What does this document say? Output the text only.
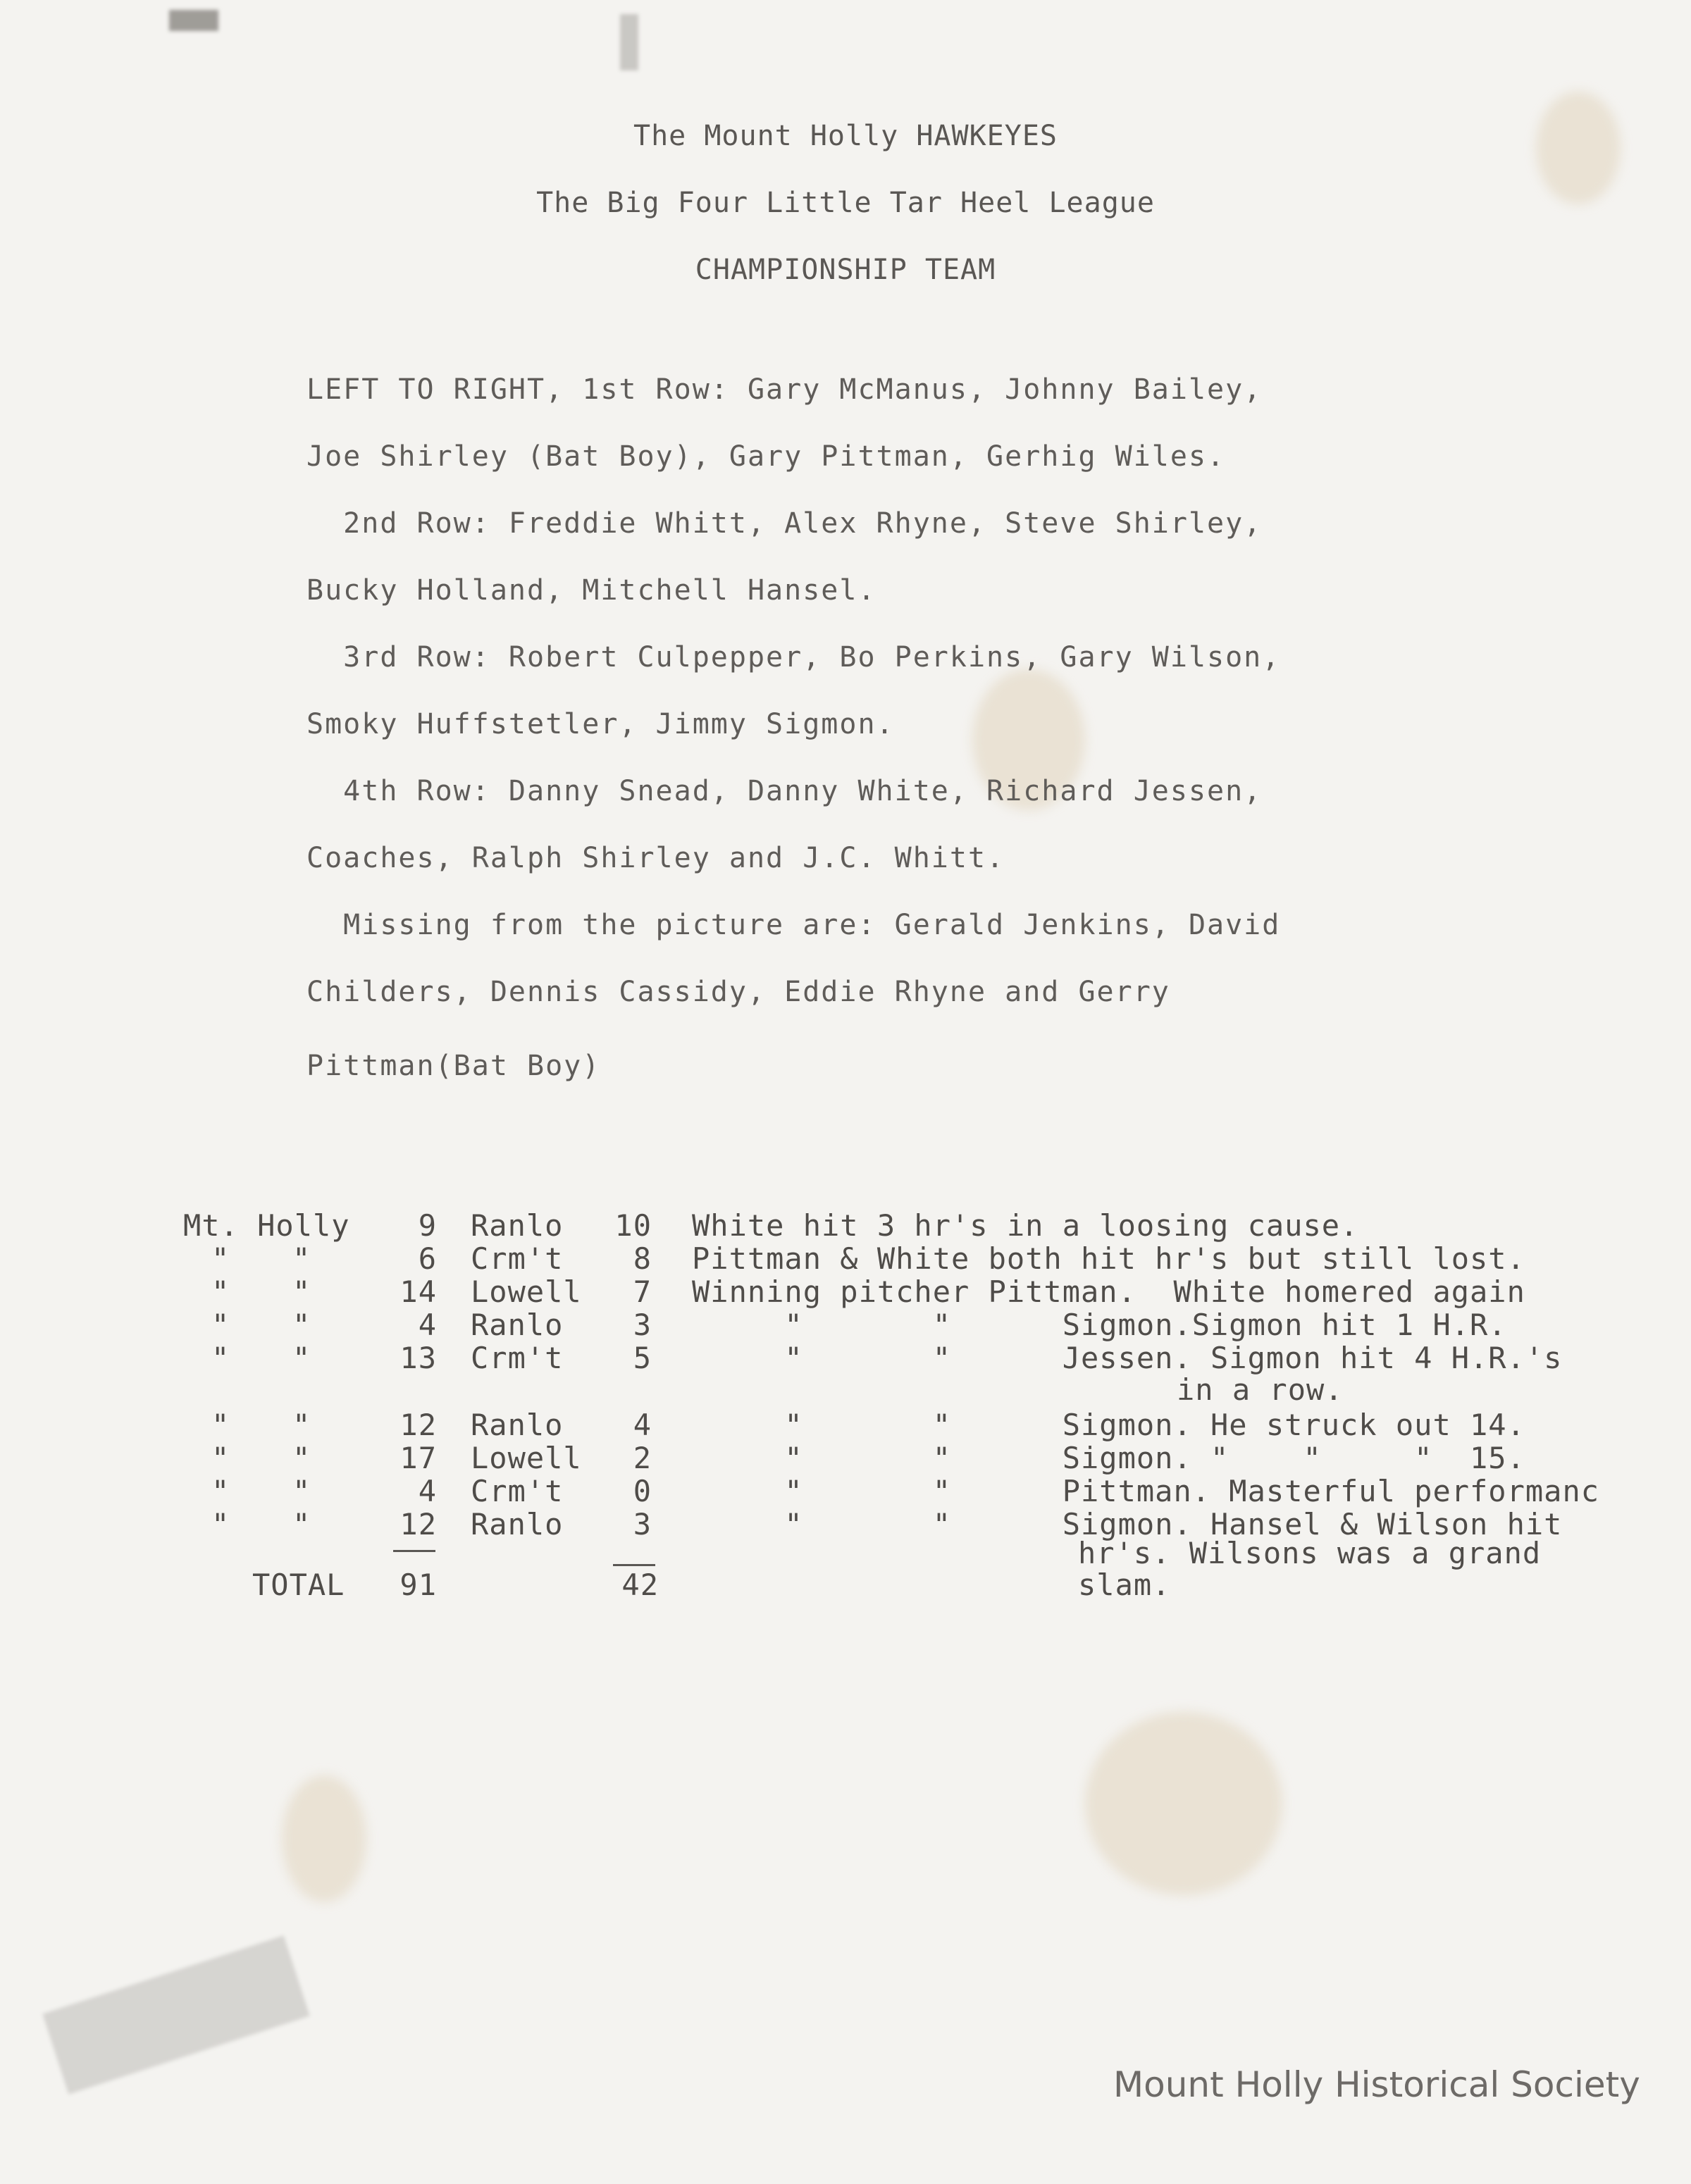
The Mount Holly HAWKEYES
The Big Four Little Tar Heel League
CHAMPIONSHIP TEAM
LEFT TO RIGHT, 1st Row: Gary McManus, Johnny Bailey,
Joe Shirley (Bat Boy), Gary Pittman, Gerhig Wiles.
2nd Row: Freddie Whitt, Alex Rhyne, Steve Shirley,
Bucky Holland, Mitchell Hansel.
3rd Row: Robert Culpepper, Bo Perkins, Gary Wilson,
Smoky Huffstetler, Jimmy Sigmon.
4th Row: Danny Snead, Danny White, Richard Jessen,
Coaches, Ralph Shirley and J.C. Whitt.
Missing from the picture are: Gerald Jenkins, David
Childers, Dennis Cassidy, Eddie Rhyne and Gerry
Pittman(Bat Boy)
Mt. Holly	9 Ranlo	10 White hit 3 hr's in a loosing cause.
" "	6 Crm't	8 Pittman & White both hit hr's but still lost.
" "	14 Lowell	7 Winning pitcher Pittman.  White homered again
" "	4 Ranlo	3 "       "      Sigmon.Sigmon hit 1 H.R.
" "	13 Crm't	5 "       "      Jessen. Sigmon hit 4 H.R.'s
in a row.
" "	12 Ranlo	4 "       "      Sigmon. He struck out 14.
" "	17 Lowell	2 "       "      Sigmon. "    "     "  15.
" "	4 Crm't	0 "       "      Pittman. Masterful performanc
" "	12 Ranlo	3 "       "      Sigmon. Hansel & Wilson hit
hr's. Wilsons was a grand
slam.
TOTAL	91	42
Mount Holly Historical Society
